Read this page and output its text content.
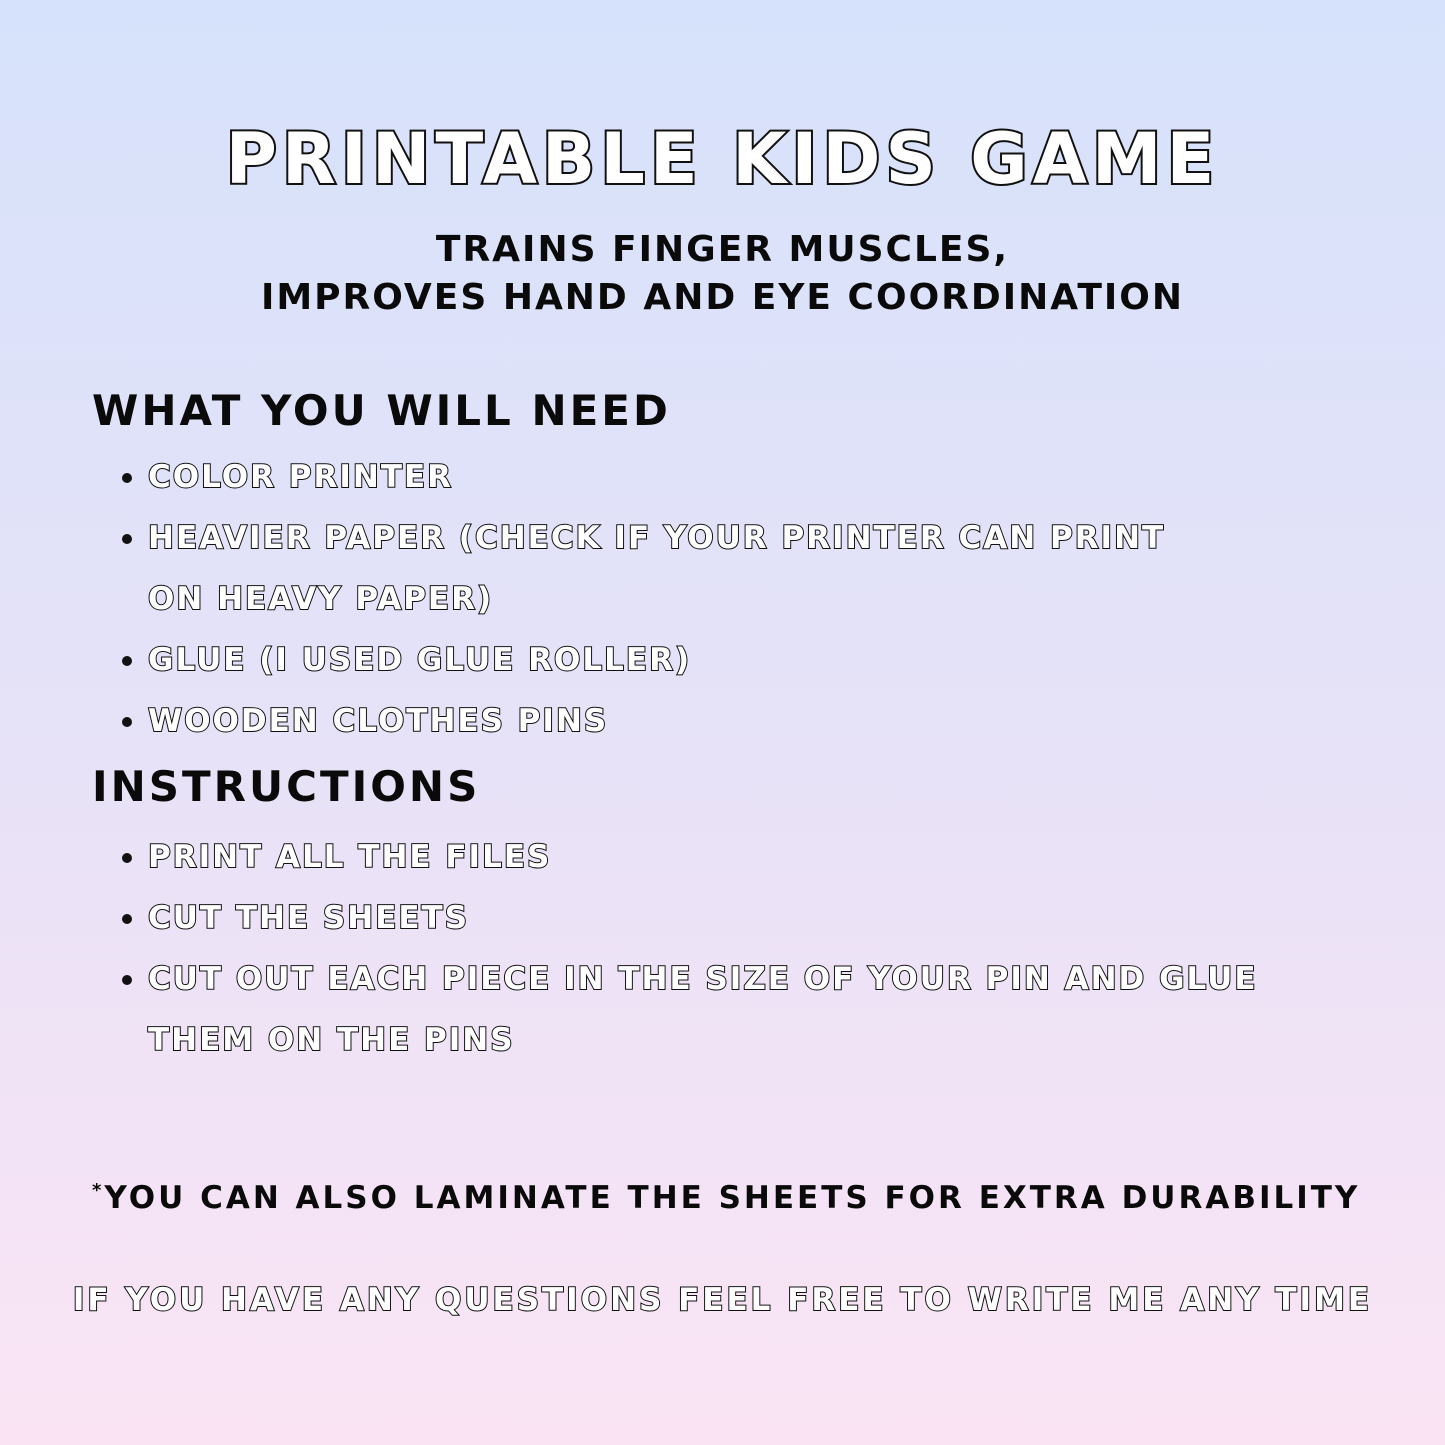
PRINTABLE KIDS GAME
TRAINS FINGER MUSCLES,
IMPROVES HAND AND EYE COORDINATION
WHAT YOU WILL NEED
COLOR PRINTER
HEAVIER PAPER (CHECK IF YOUR PRINTER CAN PRINT ON HEAVY PAPER)
GLUE (I USED GLUE ROLLER)
WOODEN CLOTHES PINS
INSTRUCTIONS
PRINT ALL THE FILES
CUT THE SHEETS
CUT OUT EACH PIECE IN THE SIZE OF YOUR PIN AND GLUE THEM ON THE PINS
*YOU CAN ALSO LAMINATE THE SHEETS FOR EXTRA DURABILITY
IF YOU HAVE ANY QUESTIONS FEEL FREE TO WRITE ME ANY TIME
